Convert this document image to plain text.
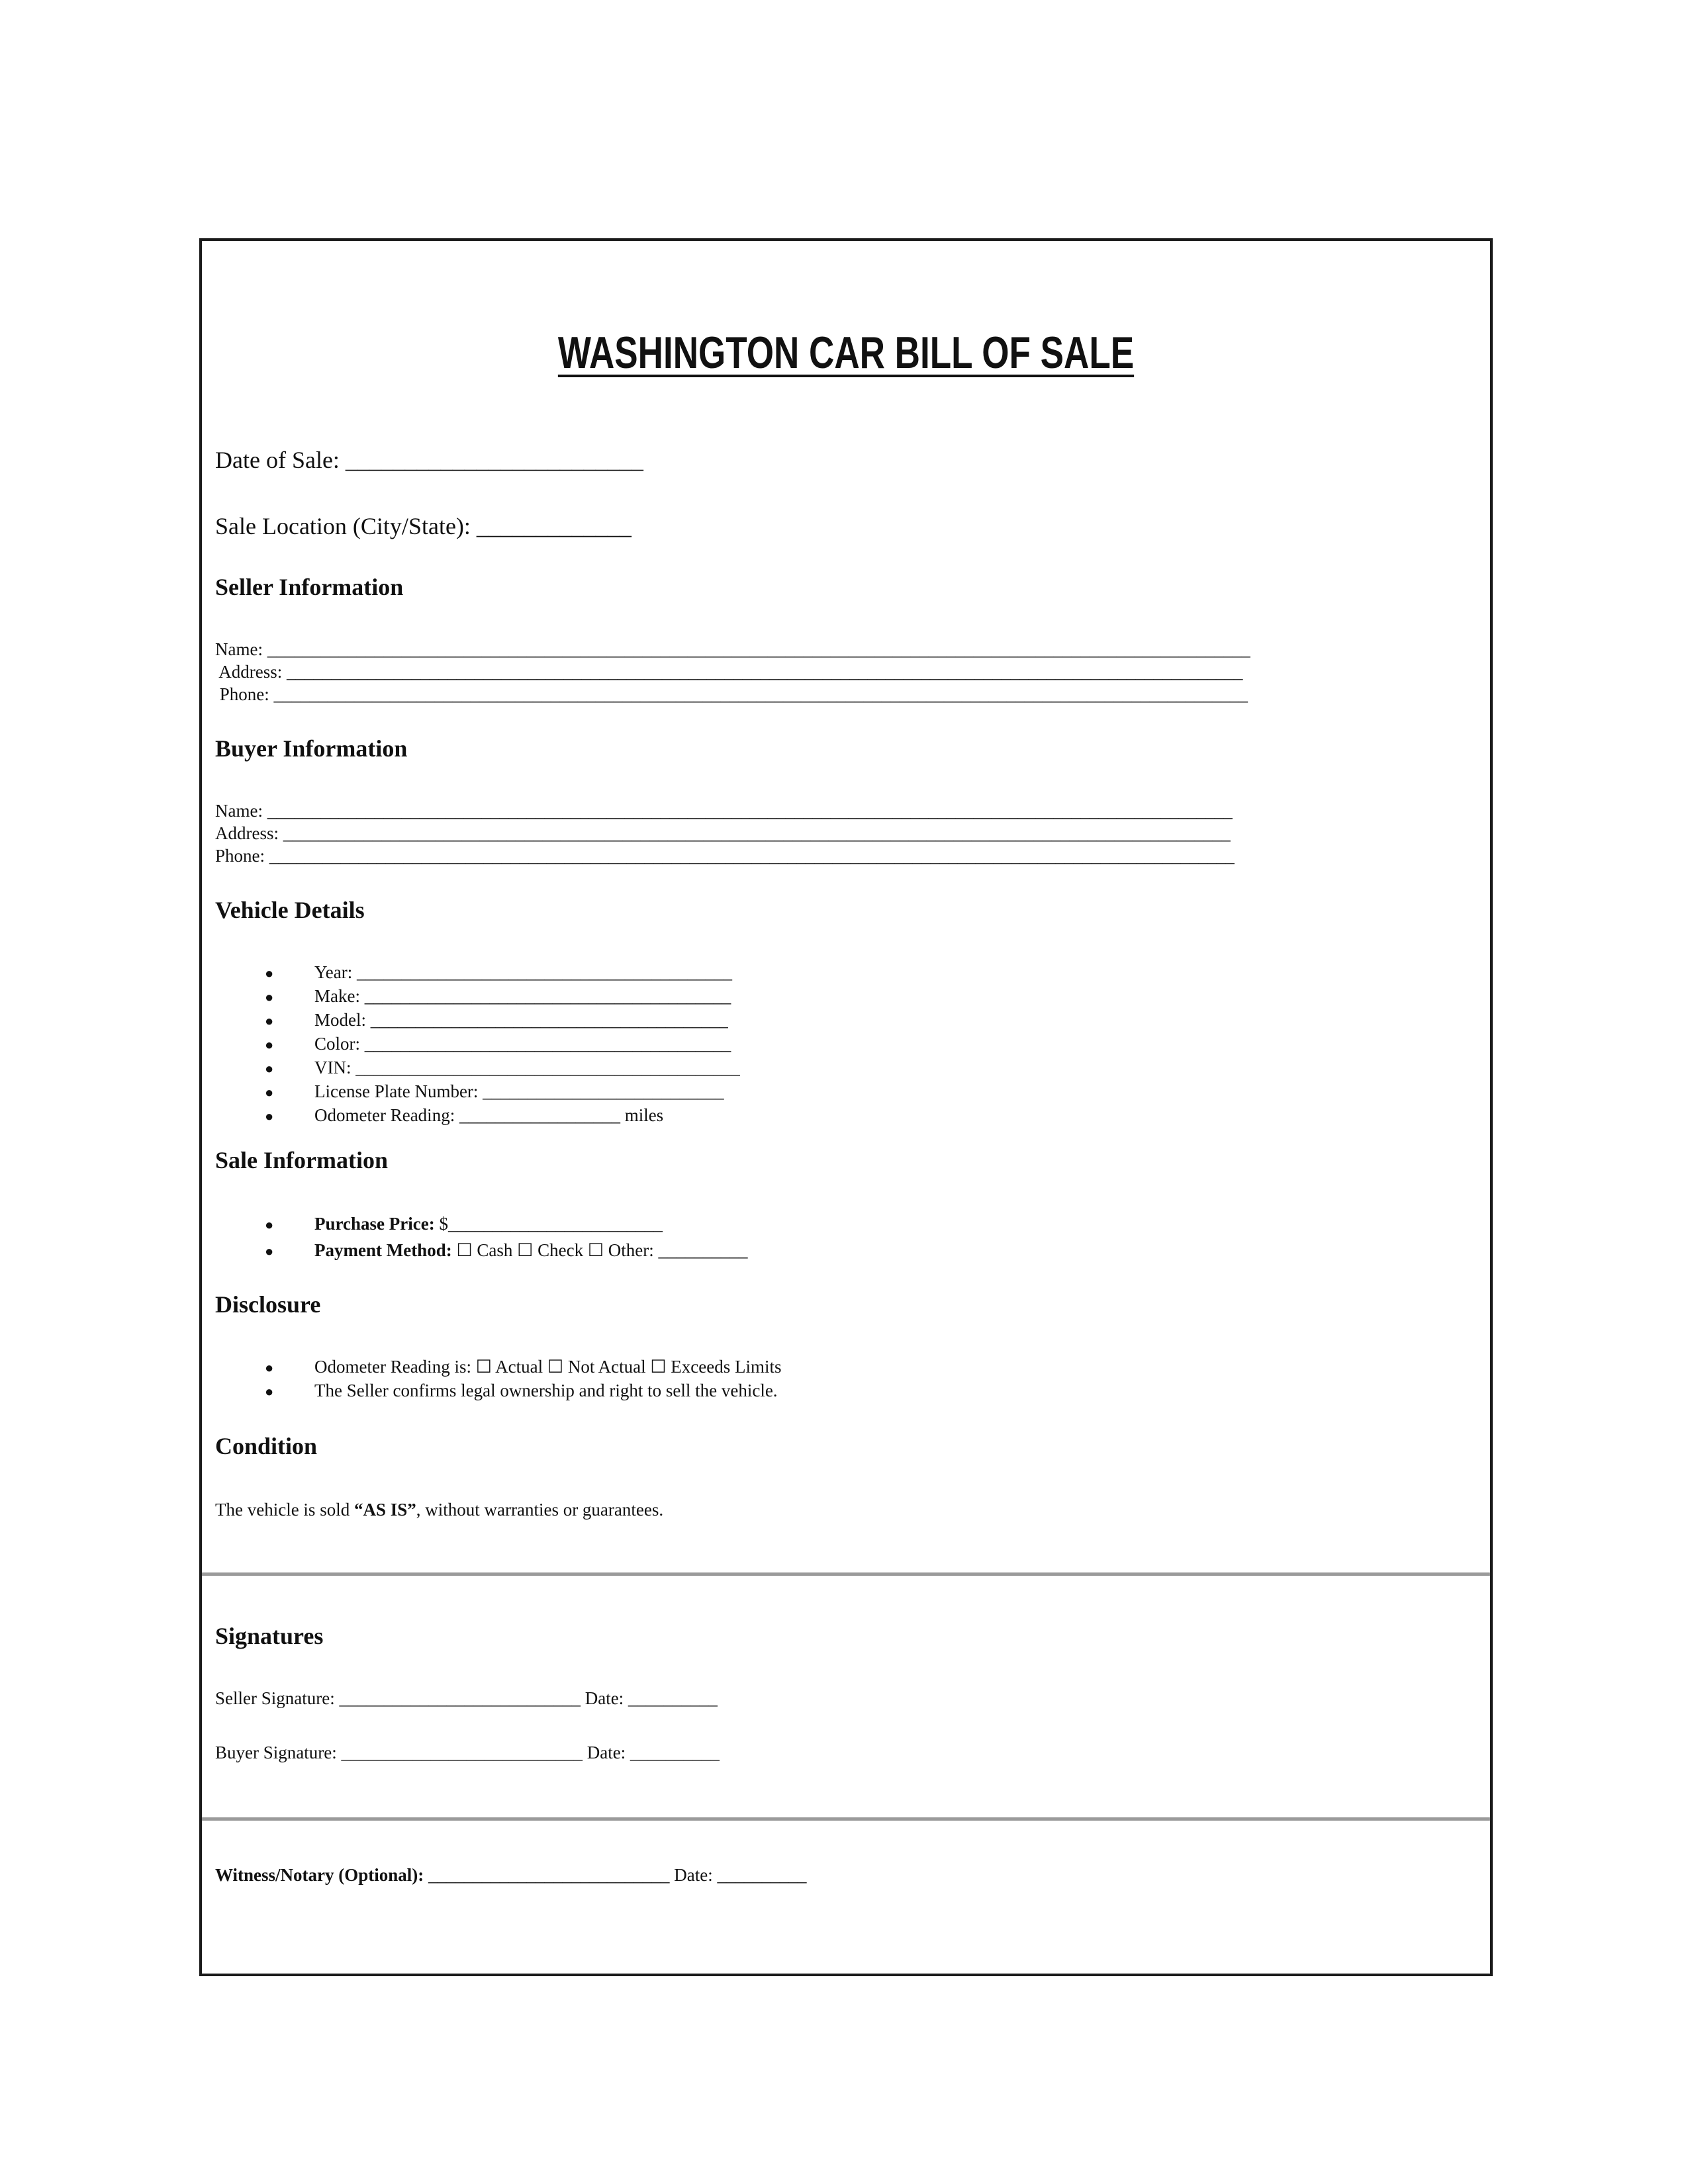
WASHINGTON CAR BILL OF SALE
Date of Sale: _________________________
Sale Location (City/State): _____________
Seller Information
Name: ______________________________________________________________________________________________________________
Address: ___________________________________________________________________________________________________________
Phone: _____________________________________________________________________________________________________________
Buyer Information
Name: ____________________________________________________________________________________________________________
Address: __________________________________________________________________________________________________________
Phone: ____________________________________________________________________________________________________________
Vehicle Details
●	Year: __________________________________________
●	Make: _________________________________________
●	Model: ________________________________________
●	Color: _________________________________________
●	VIN: ___________________________________________
●	License Plate Number: ___________________________
●	Odometer Reading: __________________ miles
Sale Information
●	Purchase Price: $________________________
●	Payment Method: ☐ Cash ☐ Check ☐ Other: __________
Disclosure
●	Odometer Reading is: ☐ Actual ☐ Not Actual ☐ Exceeds Limits
●	The Seller confirms legal ownership and right to sell the vehicle.
Condition
The vehicle is sold “AS IS”, without warranties or guarantees.
Signatures
Seller Signature: ___________________________ Date: __________
Buyer Signature: ___________________________ Date: __________
Witness/Notary (Optional): ___________________________ Date: __________
